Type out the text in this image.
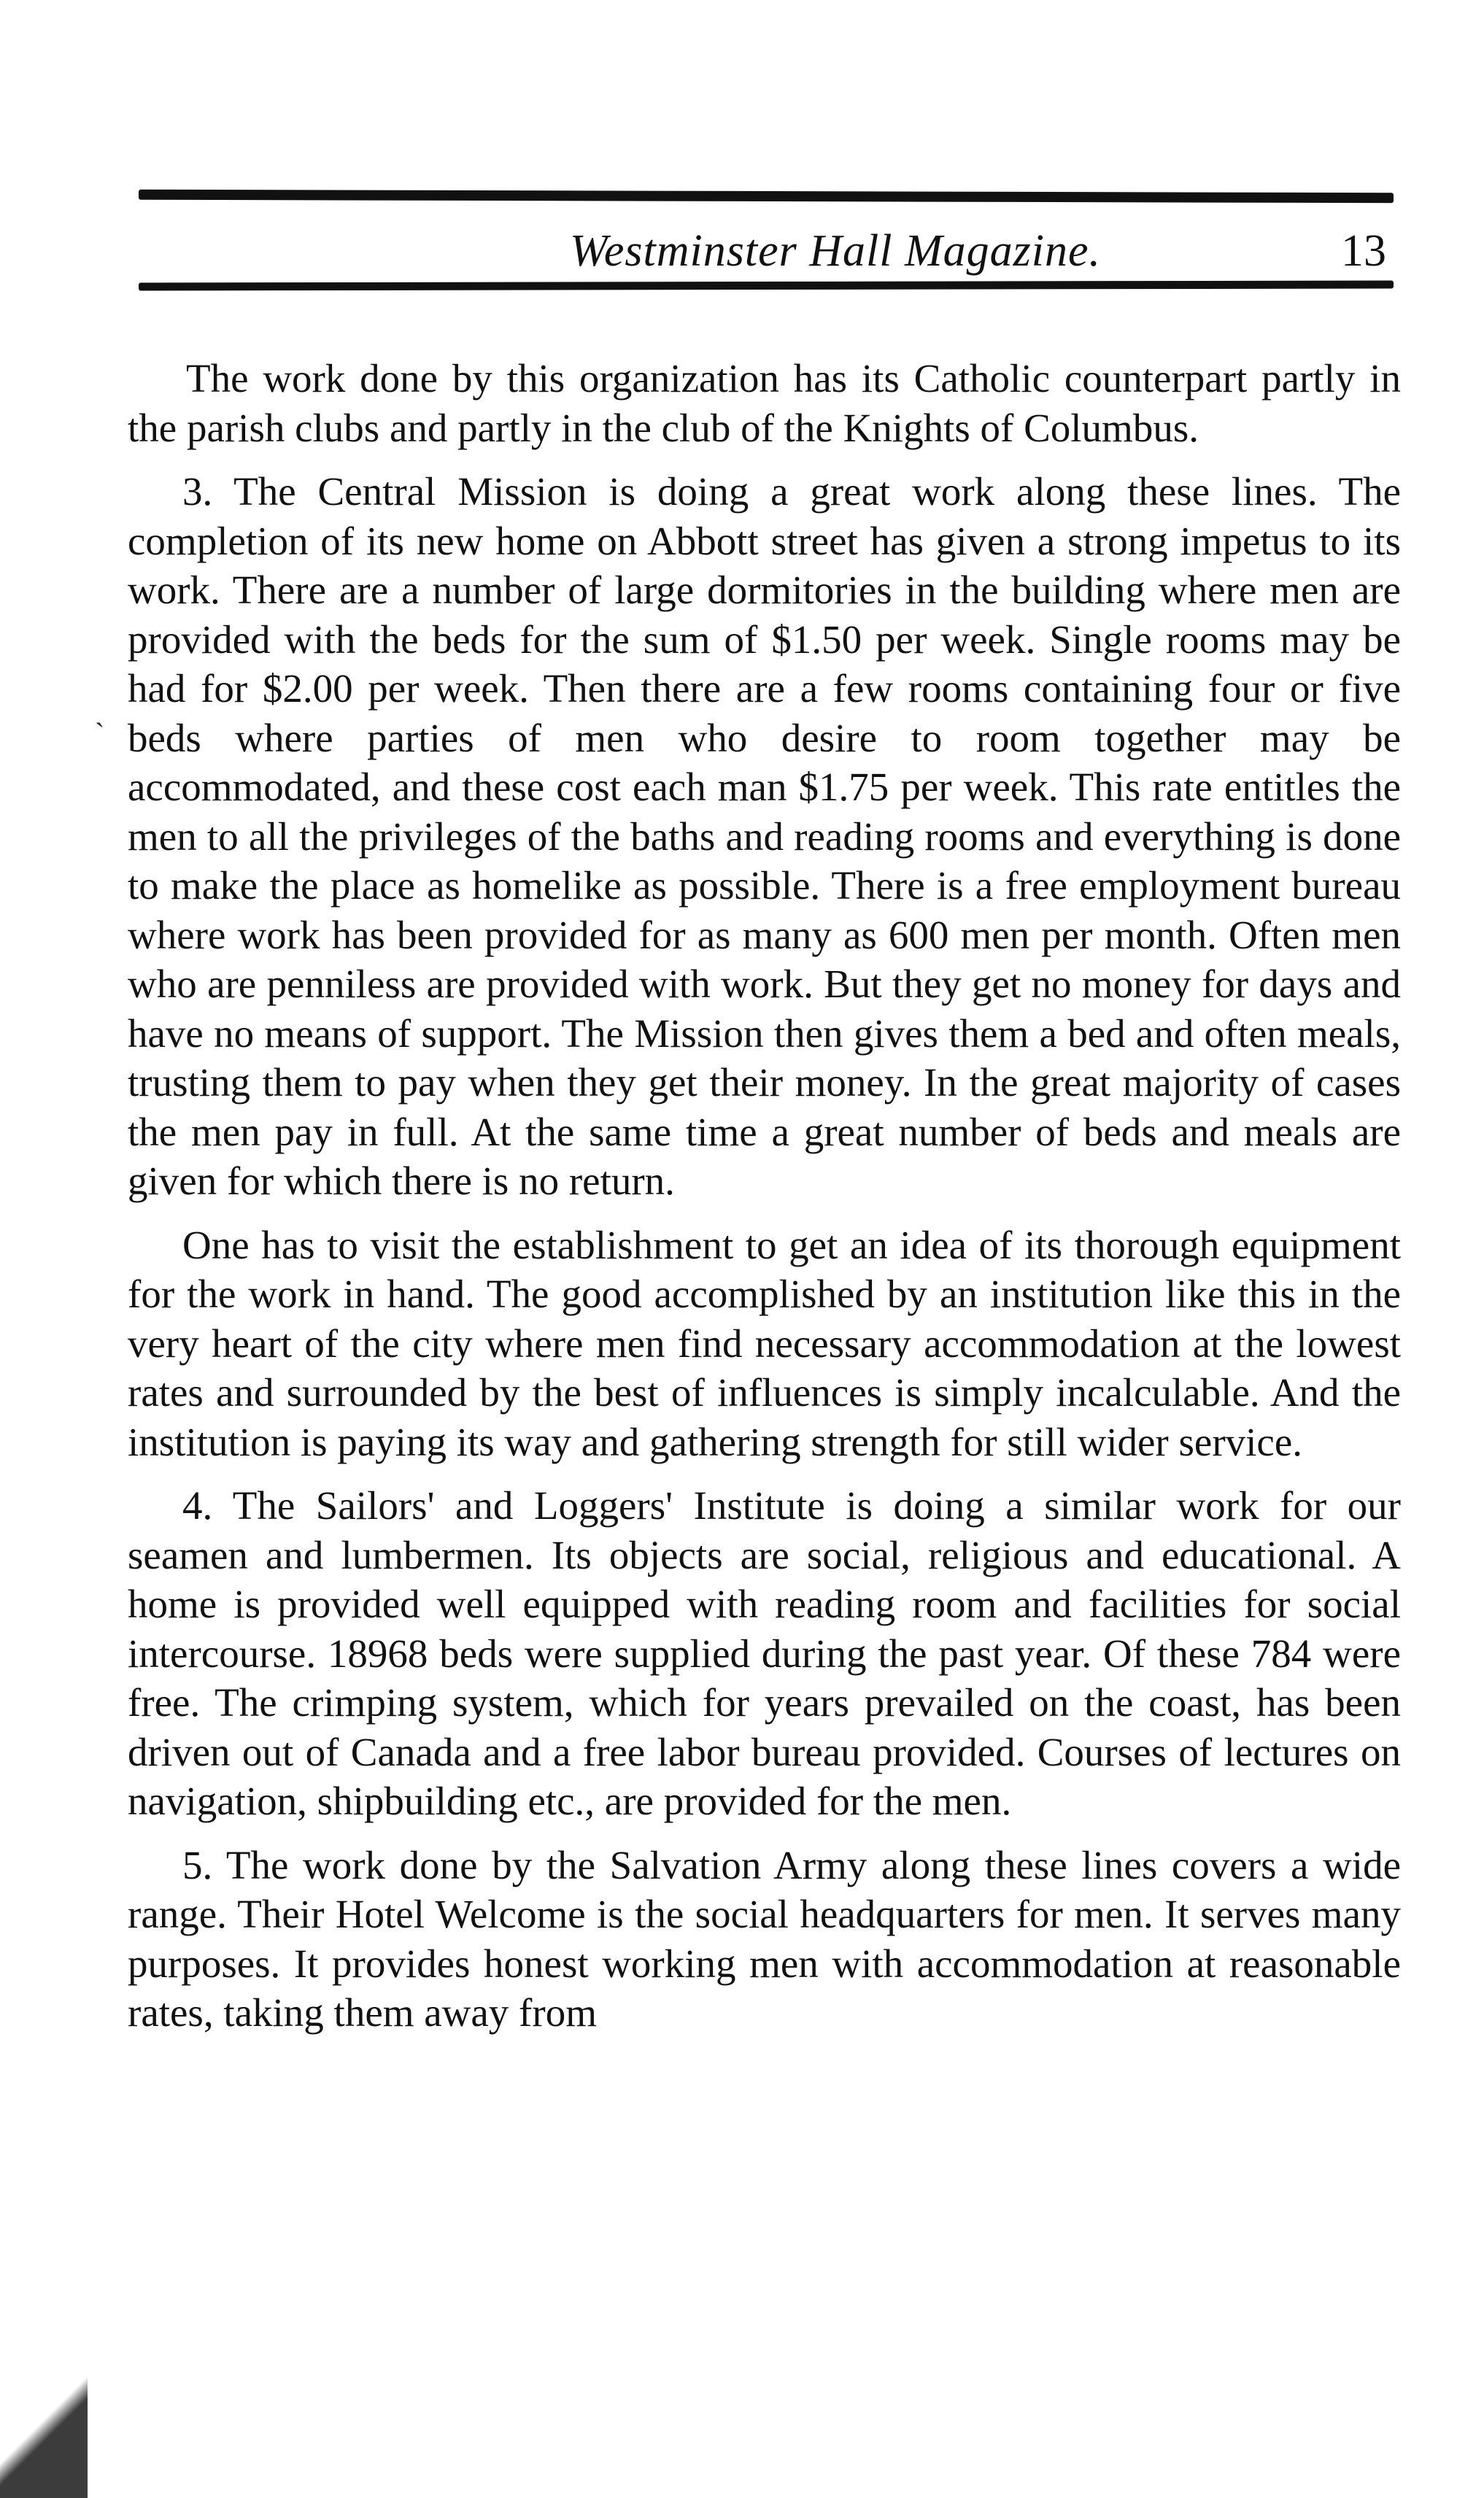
Westminster Hall Magazine.	13
ˏ

The work done by this organization has its Catholic counterpart partly in the parish clubs and partly in the club of the Knights of Columbus.

3. The Central Mission is doing a great work along these lines. The completion of its new home on Abbott street has given a strong impetus to its work. There are a number of large dormitories in the building where men are provided with the beds for the sum of $1.50 per week. Single rooms may be had for $2.00 per week. Then there are a few rooms containing four or five beds where parties of men who desire to room together may be accommodated, and these cost each man $1.75 per week. This rate entitles the men to all the privileges of the baths and reading rooms and everything is done to make the place as homelike as possible. There is a free employment bureau where work has been provided for as many as 600 men per month. Often men who are penniless are provided with work. But they get no money for days and have no means of support. The Mission then gives them a bed and often meals, trusting them to pay when they get their money. In the great majority of cases the men pay in full. At the same time a great number of beds and meals are given for which there is no return.

One has to visit the establishment to get an idea of its thorough equipment for the work in hand. The good accomplished by an institution like this in the very heart of the city where men find necessary accommodation at the lowest rates and surrounded by the best of influences is simply incalculable. And the institution is paying its way and gathering strength for still wider service.

4. The Sailors' and Loggers' Institute is doing a similar work for our seamen and lumbermen. Its objects are social, religious and educational. A home is provided well equipped with reading room and facilities for social intercourse. 18968 beds were supplied during the past year. Of these 784 were free. The crimping system, which for years prevailed on the coast, has been driven out of Canada and a free labor bureau provided. Courses of lectures on navigation, shipbuilding etc., are provided for the men.

5. The work done by the Salvation Army along these lines covers a wide range. Their Hotel Welcome is the social headquarters for men. It serves many purposes. It provides honest working men with accommodation at reasonable rates, taking them away from
